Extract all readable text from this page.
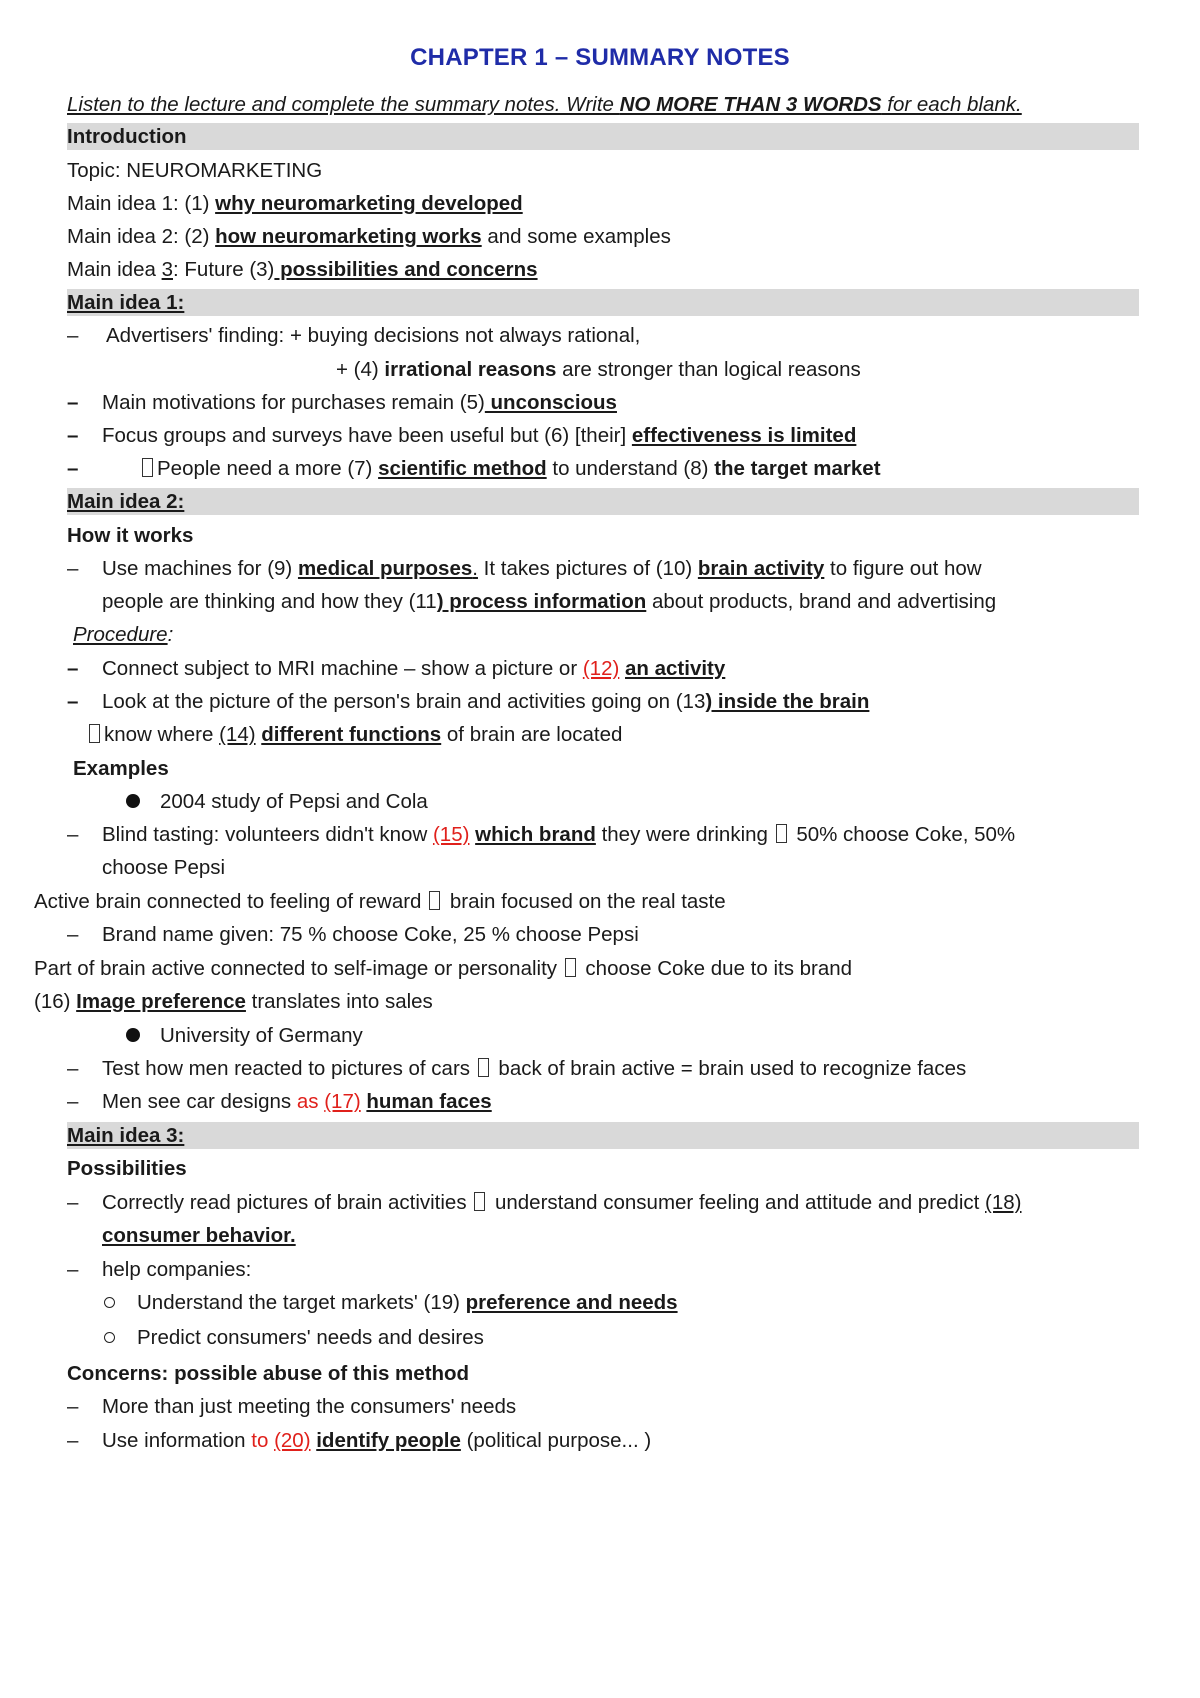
CHAPTER 1 – SUMMARY NOTES
Listen to the lecture and complete the summary notes. Write NO MORE THAN 3 WORDS for each blank.
Introduction
Topic: NEUROMARKETING
Main idea 1: (1) why neuromarketing developed
Main idea 2: (2) how neuromarketing works and some examples
Main idea 3: Future (3) possibilities and concerns
Main idea 1:
– Advertisers' finding: + buying decisions not always rational,
+ (4) irrational reasons are stronger than logical reasons
– Main motivations for purchases remain (5) unconscious
– Focus groups and surveys have been useful but (6) [their] effectiveness is limited
–	People need a more (7) scientific method to understand (8) the target market
Main idea 2:
How it works
– Use machines for (9) medical purposes. It takes pictures of (10) brain activity to figure out how
people are thinking and how they (11) process information about products, brand and advertising
Procedure:
– Connect subject to MRI machine – show a picture or (12) an activity
– Look at the picture of the person's brain and activities going on (13) inside the brain
know where (14) different functions of brain are located
Examples
2004 study of Pepsi and Cola
– Blind tasting: volunteers didn't know (15) which brand they were drinking  50% choose Coke, 50%
choose Pepsi
Active brain connected to feeling of reward  brain focused on the real taste
– Brand name given: 75 % choose Coke, 25 % choose Pepsi
Part of brain active connected to self-image or personality  choose Coke due to its brand
(16) Image preference translates into sales
University of Germany
– Test how men reacted to pictures of cars  back of brain active = brain used to recognize faces
– Men see car designs as (17) human faces
Main idea 3:
Possibilities
– Correctly read pictures of brain activities  understand consumer feeling and attitude and predict (18)
consumer behavior.
– help companies:
Understand the target markets' (19) preference and needs
Predict consumers' needs and desires
Concerns: possible abuse of this method
– More than just meeting the consumers' needs
– Use information to (20) identify people (political purpose... )
